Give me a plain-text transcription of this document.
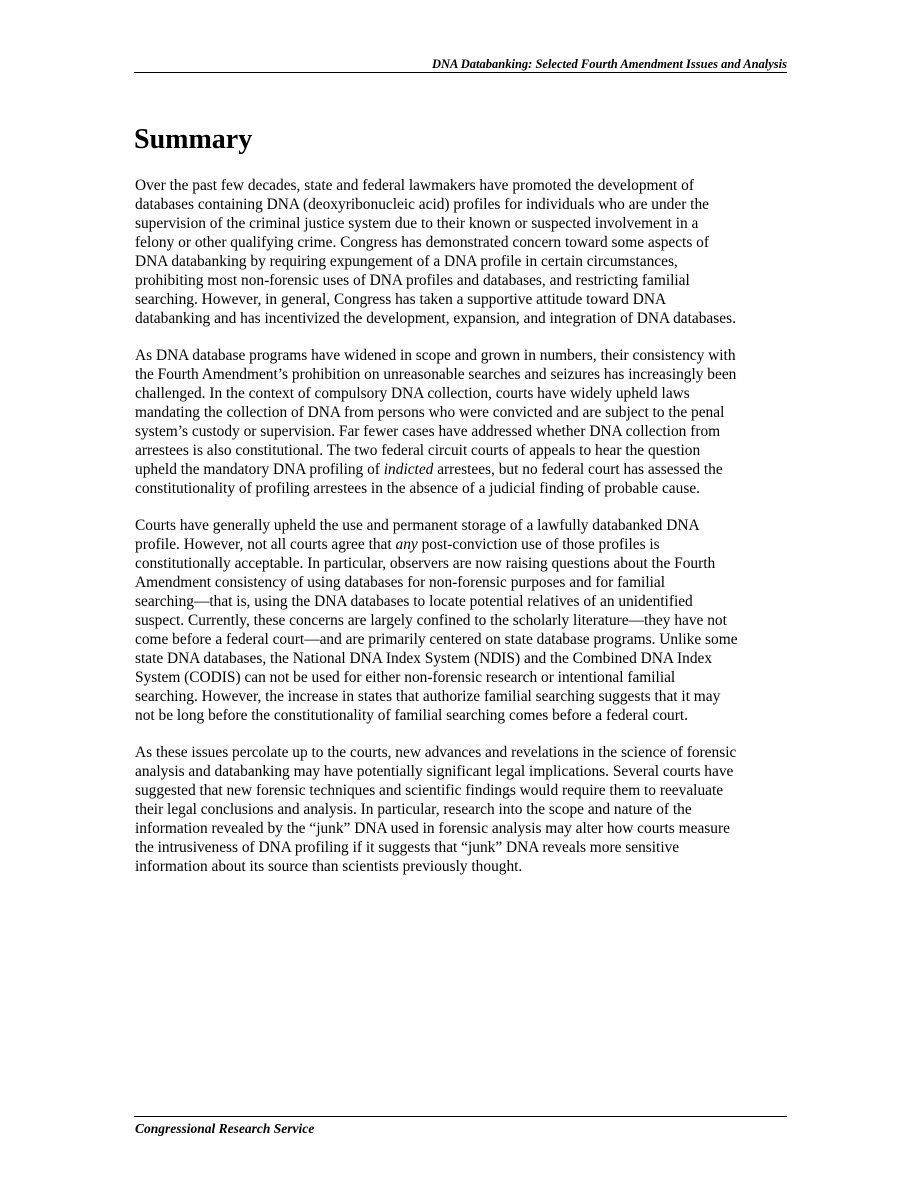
DNA Databanking: Selected Fourth Amendment Issues and Analysis
Summary

Over the past few decades, state and federal lawmakers have promoted the development of
databases containing DNA (deoxyribonucleic acid) profiles for individuals who are under the
supervision of the criminal justice system due to their known or suspected involvement in a
felony or other qualifying crime. Congress has demonstrated concern toward some aspects of
DNA databanking by requiring expungement of a DNA profile in certain circumstances,
prohibiting most non-forensic uses of DNA profiles and databases, and restricting familial
searching. However, in general, Congress has taken a supportive attitude toward DNA
databanking and has incentivized the development, expansion, and integration of DNA databases.

As DNA database programs have widened in scope and grown in numbers, their consistency with
the Fourth Amendment’s prohibition on unreasonable searches and seizures has increasingly been
challenged. In the context of compulsory DNA collection, courts have widely upheld laws
mandating the collection of DNA from persons who were convicted and are subject to the penal
system’s custody or supervision. Far fewer cases have addressed whether DNA collection from
arrestees is also constitutional. The two federal circuit courts of appeals to hear the question
upheld the mandatory DNA profiling of indicted arrestees, but no federal court has assessed the
constitutionality of profiling arrestees in the absence of a judicial finding of probable cause.

Courts have generally upheld the use and permanent storage of a lawfully databanked DNA
profile. However, not all courts agree that any post-conviction use of those profiles is
constitutionally acceptable. In particular, observers are now raising questions about the Fourth
Amendment consistency of using databases for non-forensic purposes and for familial
searching—that is, using the DNA databases to locate potential relatives of an unidentified
suspect. Currently, these concerns are largely confined to the scholarly literature—they have not
come before a federal court—and are primarily centered on state database programs. Unlike some
state DNA databases, the National DNA Index System (NDIS) and the Combined DNA Index
System (CODIS) can not be used for either non-forensic research or intentional familial
searching. However, the increase in states that authorize familial searching suggests that it may
not be long before the constitutionality of familial searching comes before a federal court.

As these issues percolate up to the courts, new advances and revelations in the science of forensic
analysis and databanking may have potentially significant legal implications. Several courts have
suggested that new forensic techniques and scientific findings would require them to reevaluate
their legal conclusions and analysis. In particular, research into the scope and nature of the
information revealed by the “junk” DNA used in forensic analysis may alter how courts measure
the intrusiveness of DNA profiling if it suggests that “junk” DNA reveals more sensitive
information about its source than scientists previously thought.

Congressional Research Service
